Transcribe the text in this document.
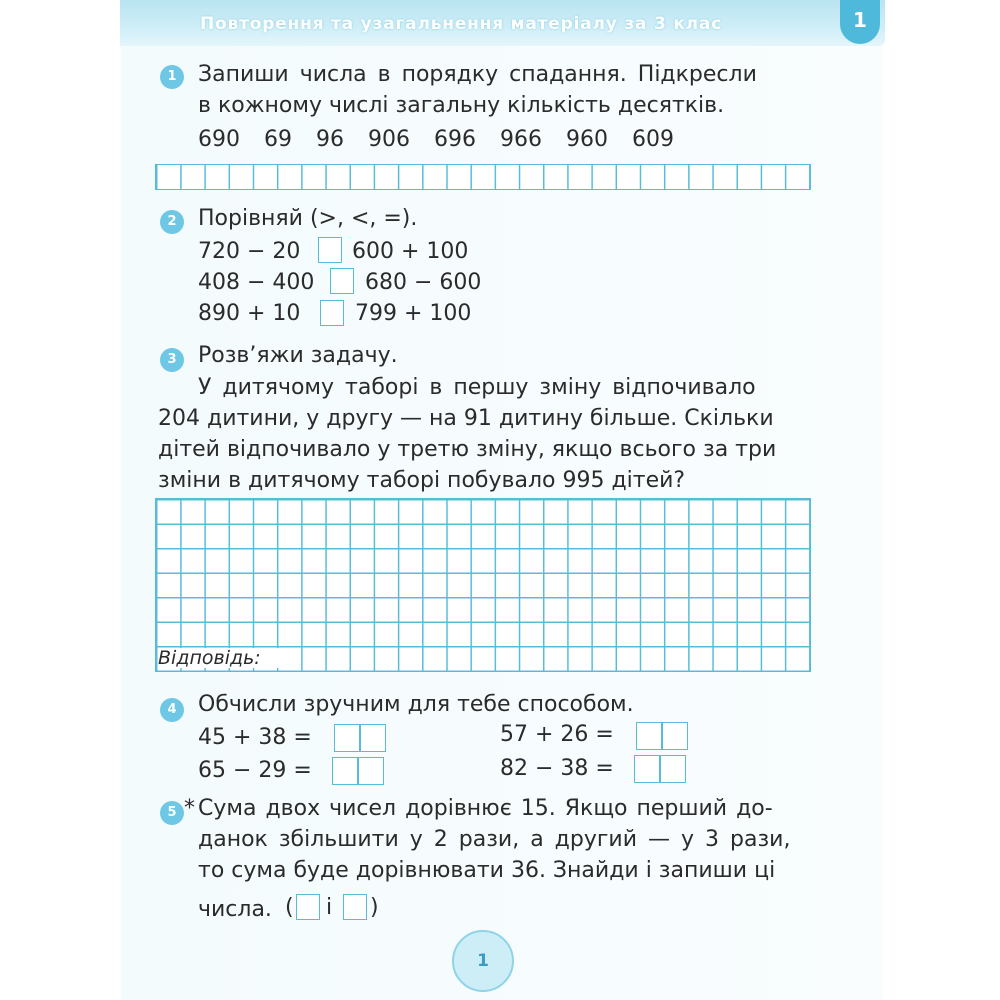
Повторення та узагальнення матеріалу за 3 клас	1
1 Запиши числа в порядку спадання. Підкресли
в кожному числі загальну кількість десятків.
690 69 96 906 696 966 960 609
2 Порівняй (>, <, =).
720 − 20 600 + 100
408 − 400 680 − 600
890 + 10 799 + 100
3 Розв’яжи задачу.
У дитячому таборі в першу зміну відпочивало
204 дитини, у другу — на 91 дитину більше. Скільки
дітей відпочивало у третю зміну, якщо всього за три
зміни в дитячому таборі побувало 995 дітей?
Відповідь:
4 Обчисли зручним для тебе способом.
45 + 38 =	57 + 26 =
65 − 29 =	82 − 38 =
5 * Сума двох чисел дорівнює 15. Якщо перший до-
данок збільшити у 2 рази, а другий — у 3 рази,
то сума буде дорівнювати 36. Знайди і запиши ці
числа. ( і )
1
